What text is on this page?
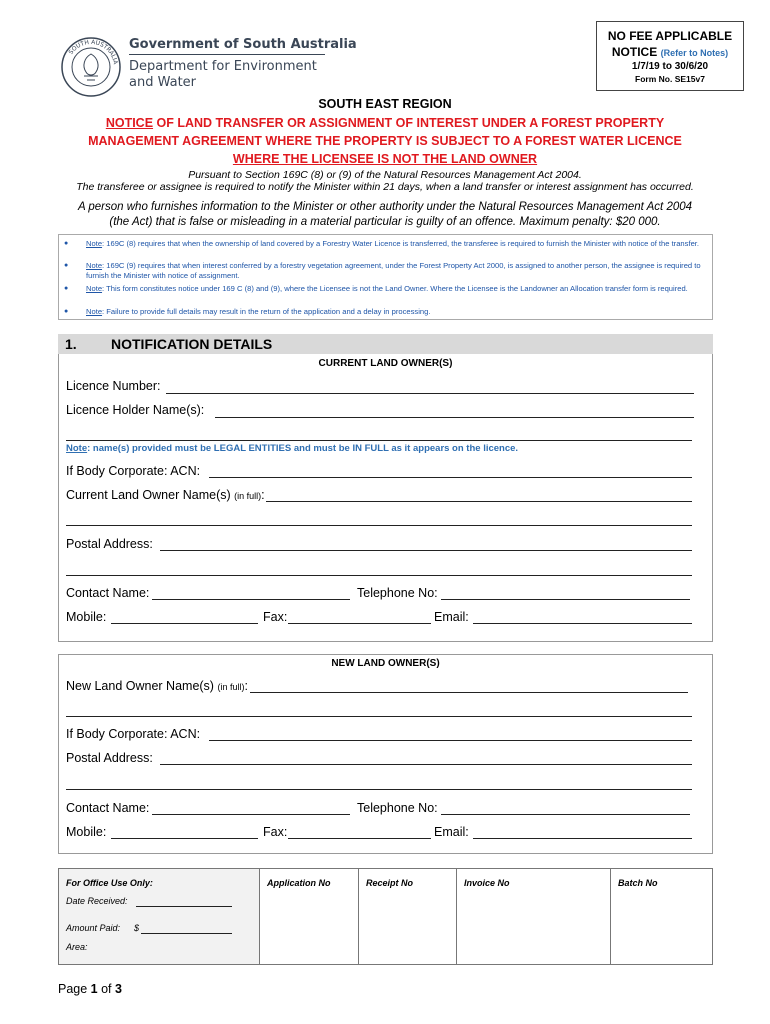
SOUTH AUSTRALIA
Government of South Australia
Department for Environment
and Water
NO FEE APPLICABLE
NOTICE (Refer to Notes)
1/7/19 to 30/6/20
Form No. SE15v7
SOUTH EAST REGION
NOTICE OF LAND TRANSFER OR ASSIGNMENT OF INTEREST UNDER A FOREST PROPERTY
MANAGEMENT AGREEMENT WHERE THE PROPERTY IS SUBJECT TO A FOREST WATER LICENCE
WHERE THE LICENSEE IS NOT THE LAND OWNER
Pursuant to Section 169C (8) or (9) of the Natural Resources Management Act 2004.
The transferee or assignee is required to notify the Minister within 21 days, when a land transfer or interest assignment has occurred.
A person who furnishes information to the Minister or other authority under the Natural Resources Management Act 2004
(the Act) that is false or misleading in a material particular is guilty of an offence. Maximum penalty: $20 000.
● Note: 169C (8) requires that when the ownership of land covered by a Forestry Water Licence is transferred, the transferee is required to furnish the Minister with notice of the transfer.
● Note: 169C (9) requires that when interest conferred by a forestry vegetation agreement, under the Forest Property Act 2000, is assigned to another person, the assignee is required to furnish the Minister with notice of assignment.
● Note: This form constitutes notice under 169 C (8) and (9), where the Licensee is not the Land Owner. Where the Licensee is the Landowner an Allocation transfer form is required.
● Note: Failure to provide full details may result in the return of the application and a delay in processing.
1. NOTIFICATION DETAILS
CURRENT LAND OWNER(S)
Licence Number:
Licence Holder Name(s):
Note: name(s) provided must be LEGAL ENTITIES and must be IN FULL as it appears on the licence.
If Body Corporate: ACN:
Current Land Owner Name(s) (in full):
Postal Address:
Contact Name:	Telephone No:
Mobile:	Fax:	Email:
NEW LAND OWNER(S)
New Land Owner Name(s) (in full):
If Body Corporate: ACN:
Postal Address:
Contact Name:	Telephone No:
Mobile:	Fax:	Email:
For Office Use Only:
Date Received:
Amount Paid: $
Area:
Application No	Receipt No	Invoice No	Batch No
Page 1 of 3
